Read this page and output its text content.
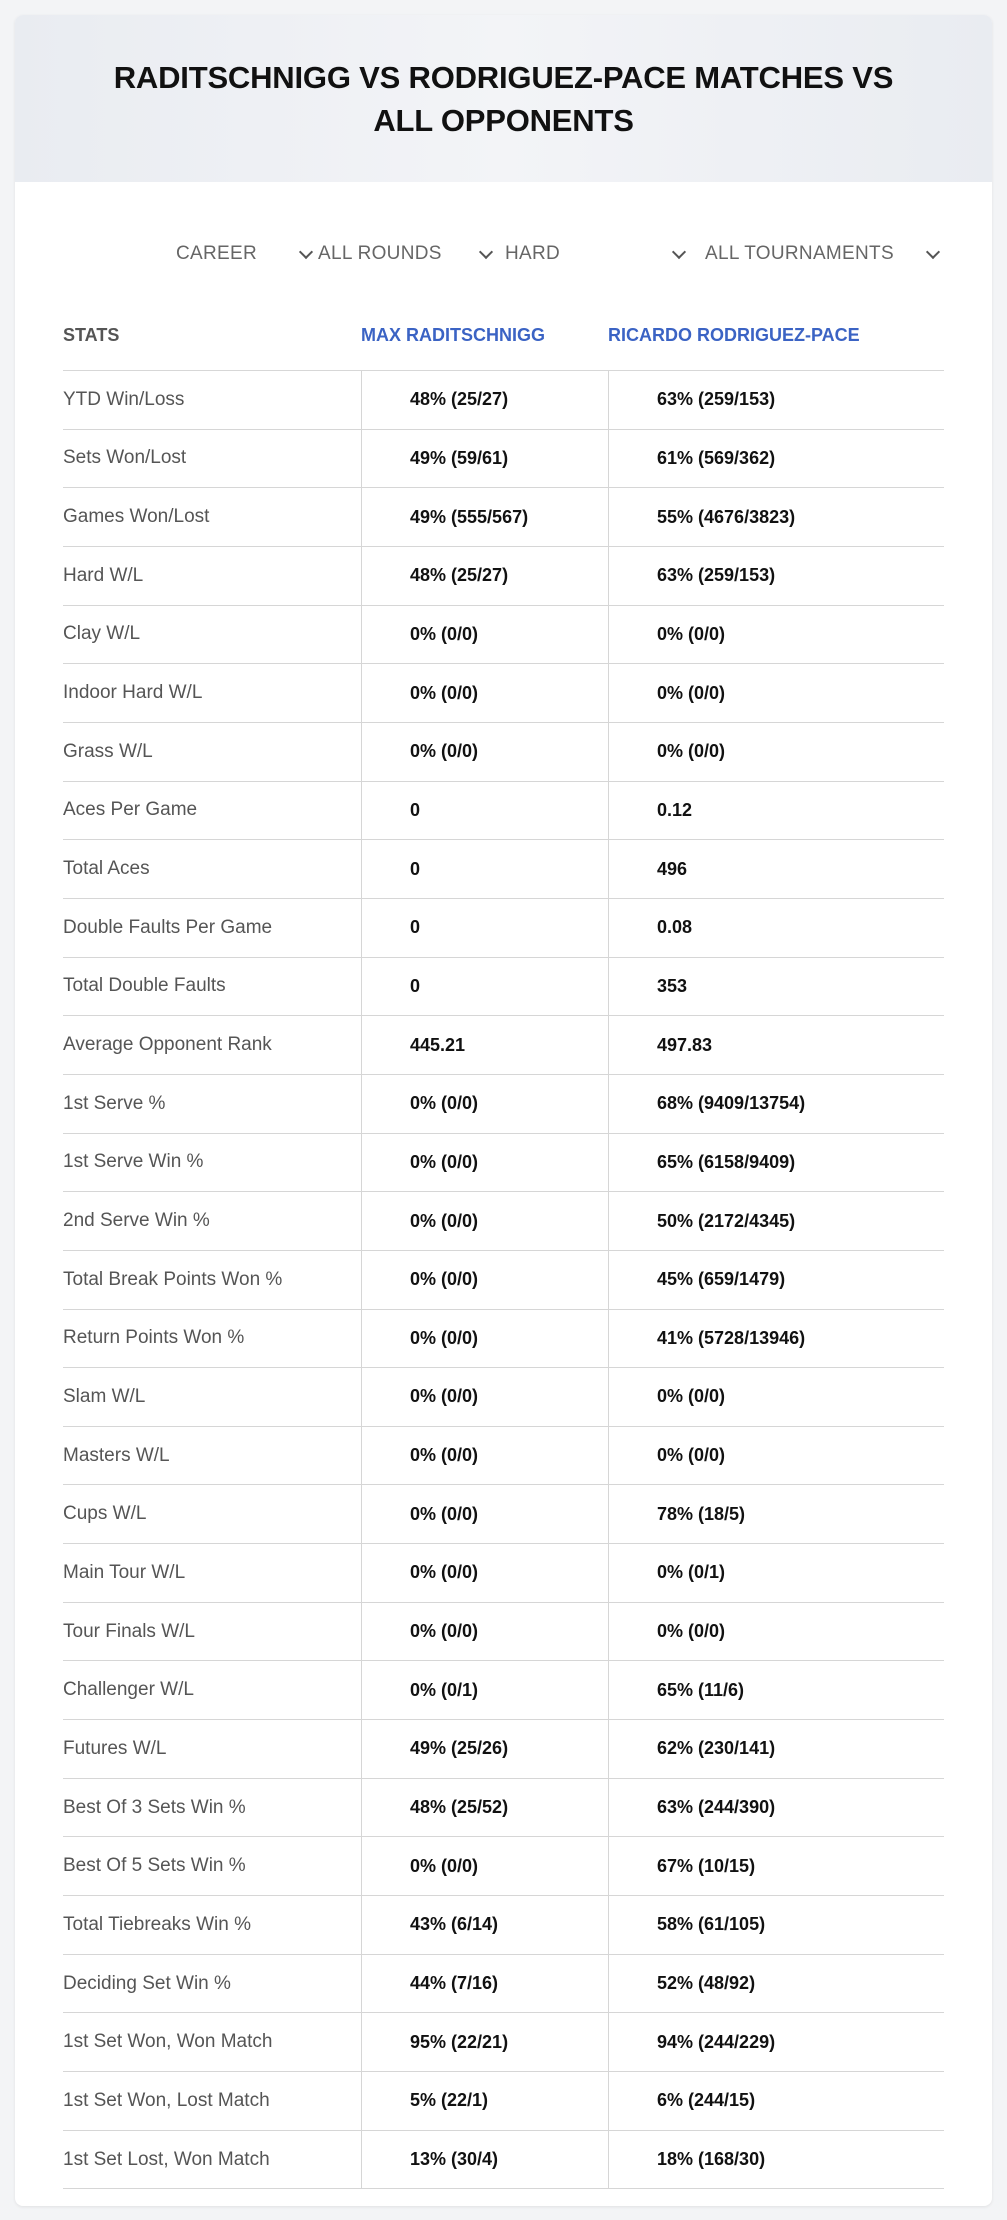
RADITSCHNIGG VS RODRIGUEZ-PACE MATCHES VS ALL OPPONENTS
CAREER	ALL ROUNDS	HARD	ALL TOURNAMENTS
STATS	MAX RADITSCHNIGG	RICARDO RODRIGUEZ-PACE
YTD Win/Loss	48% (25/27)	63% (259/153)
Sets Won/Lost	49% (59/61)	61% (569/362)
Games Won/Lost	49% (555/567)	55% (4676/3823)
Hard W/L	48% (25/27)	63% (259/153)
Clay W/L	0% (0/0)	0% (0/0)
Indoor Hard W/L	0% (0/0)	0% (0/0)
Grass W/L	0% (0/0)	0% (0/0)
Aces Per Game	0	0.12
Total Aces	0	496
Double Faults Per Game	0	0.08
Total Double Faults	0	353
Average Opponent Rank	445.21	497.83
1st Serve %	0% (0/0)	68% (9409/13754)
1st Serve Win %	0% (0/0)	65% (6158/9409)
2nd Serve Win %	0% (0/0)	50% (2172/4345)
Total Break Points Won %	0% (0/0)	45% (659/1479)
Return Points Won %	0% (0/0)	41% (5728/13946)
Slam W/L	0% (0/0)	0% (0/0)
Masters W/L	0% (0/0)	0% (0/0)
Cups W/L	0% (0/0)	78% (18/5)
Main Tour W/L	0% (0/0)	0% (0/1)
Tour Finals W/L	0% (0/0)	0% (0/0)
Challenger W/L	0% (0/1)	65% (11/6)
Futures W/L	49% (25/26)	62% (230/141)
Best Of 3 Sets Win %	48% (25/52)	63% (244/390)
Best Of 5 Sets Win %	0% (0/0)	67% (10/15)
Total Tiebreaks Win %	43% (6/14)	58% (61/105)
Deciding Set Win %	44% (7/16)	52% (48/92)
1st Set Won, Won Match	95% (22/21)	94% (244/229)
1st Set Won, Lost Match	5% (22/1)	6% (244/15)
1st Set Lost, Won Match	13% (30/4)	18% (168/30)
